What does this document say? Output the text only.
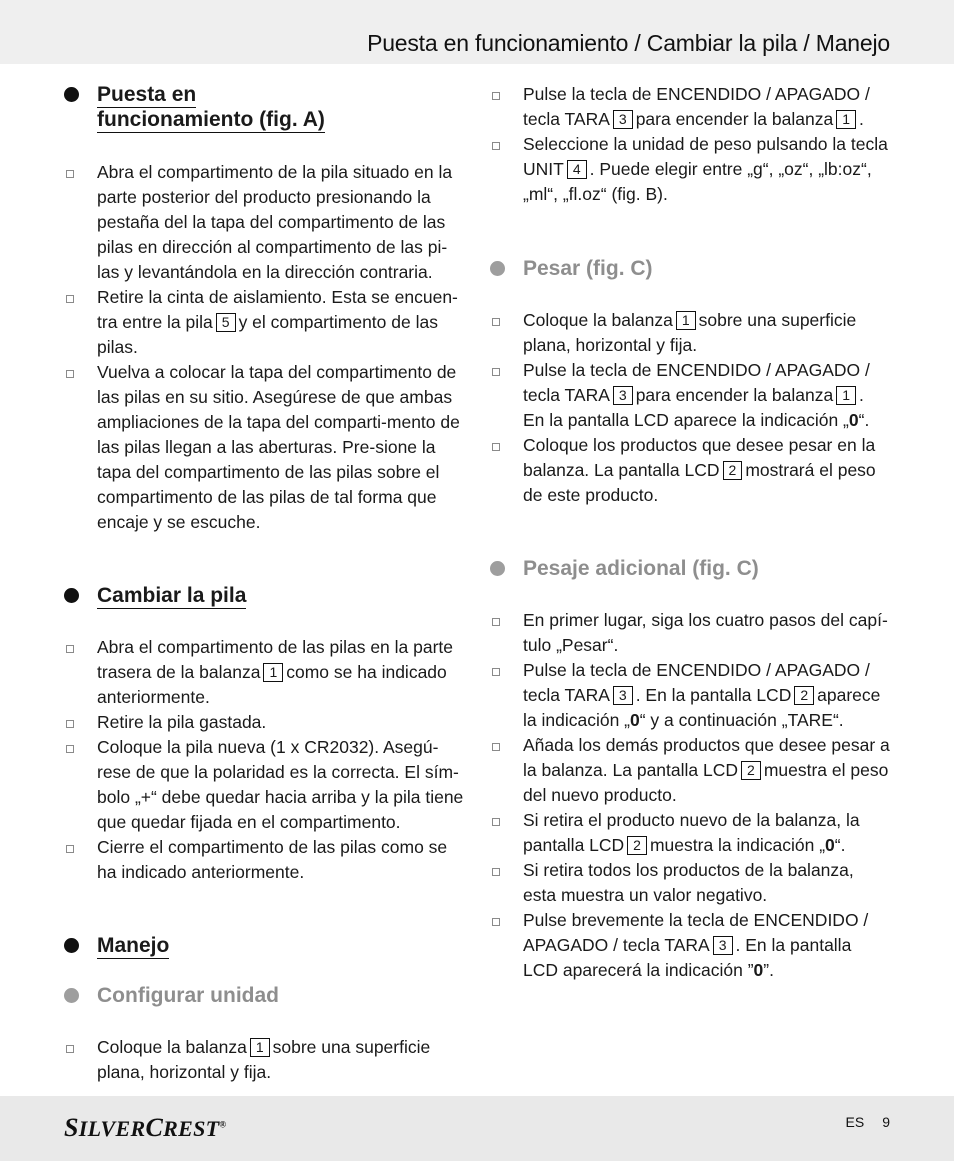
Puesta en funcionamiento / Cambiar la pila / Manejo
Puesta en
funcionamiento (fig. A)
Abra el compartimento de la pila situado en la parte posterior del producto presionando la pestaña del la tapa del compartimento de las pilas en dirección al compartimento de las pi-las y levantándola en la dirección contraria.
Retire la cinta de aislamiento. Esta se encuen-tra entre la pila 5 y el compartimento de las pilas.
Vuelva a colocar la tapa del compartimento de las pilas en su sitio. Asegúrese de que ambas ampliaciones de la tapa del comparti-mento de las pilas llegan a las aberturas. Pre-sione la tapa del compartimento de las pilas sobre el compartimento de las pilas de tal forma que encaje y se escuche.
Cambiar la pila
Abra el compartimento de las pilas en la parte trasera de la balanza 1 como se ha indicado anteriormente.
Retire la pila gastada.
Coloque la pila nueva (1 x CR2032). Asegú-rese de que la polaridad es la correcta. El sím-bolo „+“ debe quedar hacia arriba y la pila tiene que quedar fijada en el compartimento.
Cierre el compartimento de las pilas como se ha indicado anteriormente.
Manejo
Configurar unidad
Coloque la balanza 1 sobre una superficie plana, horizontal y fija.
Pulse la tecla de ENCENDIDO / APAGADO / tecla TARA 3 para encender la balanza 1 .
Seleccione la unidad de peso pulsando la tecla UNIT 4 . Puede elegir entre „g“, „oz“, „lb:oz“, „ml“, „fl.oz“ (fig. B).
Pesar (fig. C)
Coloque la balanza 1 sobre una superficie plana, horizontal y fija.
Pulse la tecla de ENCENDIDO / APAGADO / tecla TARA 3 para encender la balanza 1 . En la pantalla LCD aparece la indicación „0“.
Coloque los productos que desee pesar en la balanza. La pantalla LCD 2 mostrará el peso de este producto.
Pesaje adicional (fig. C)
En primer lugar, siga los cuatro pasos del capí-tulo „Pesar“.
Pulse la tecla de ENCENDIDO / APAGADO / tecla TARA 3 . En la pantalla LCD 2 aparece la indicación „0“ y a continuación „TARE“.
Añada los demás productos que desee pesar a la balanza. La pantalla LCD 2 muestra el peso del nuevo producto.
Si retira el producto nuevo de la balanza, la pantalla LCD 2 muestra la indicación „0“.
Si retira todos los productos de la balanza, esta muestra un valor negativo.
Pulse brevemente la tecla de ENCENDIDO / APAGADO / tecla TARA 3 . En la pantalla LCD aparecerá la indicación ”0”.
SILVERCREST®	ES 9
